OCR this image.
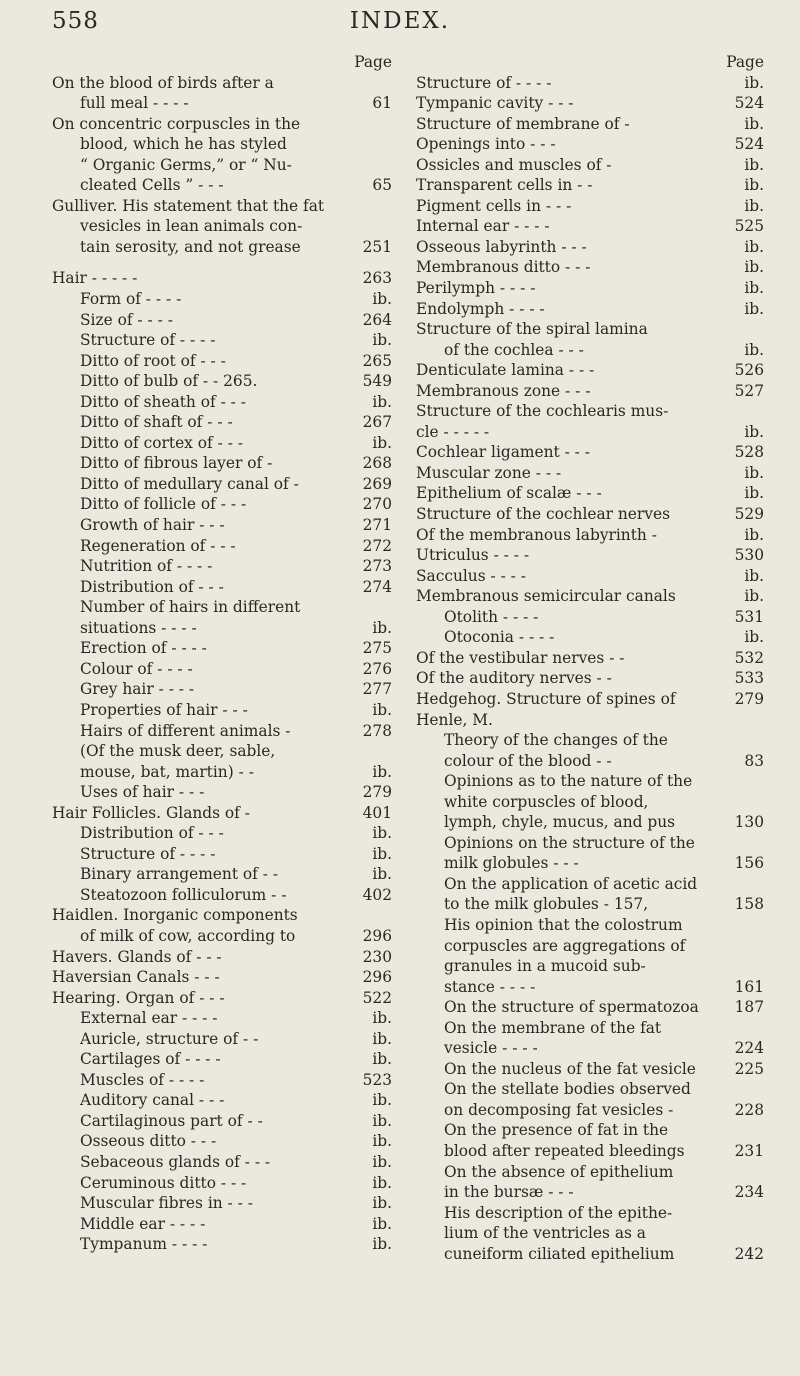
558	INDEX.
Page
On the blood of birds after a
full meal - - - -	61
On concentric corpuscles in the
blood, which he has styled
“ Organic Germs,” or “ Nu-
cleated Cells ” - - -	65
Gulliver. His statement that the fat
vesicles in lean animals con-
tain serosity, and not grease	251
Hair - - - - -	263
Form of - - - -	ib.
Size of - - - -	264
Structure of - - - -	ib.
Ditto of root of - - -	265
Ditto of bulb of - - 265.	549
Ditto of sheath of - - -	ib.
Ditto of shaft of - - -	267
Ditto of cortex of - - -	ib.
Ditto of fibrous layer of -	268
Ditto of medullary canal of -	269
Ditto of follicle of - - -	270
Growth of hair - - -	271
Regeneration of - - -	272
Nutrition of - - - -	273
Distribution of - - -	274
Number of hairs in different
situations - - - -	ib.
Erection of - - - -	275
Colour of - - - -	276
Grey hair - - - -	277
Properties of hair - - -	ib.
Hairs of different animals -	278
(Of the musk deer, sable,
mouse, bat, martin) - -	ib.
Uses of hair - - -	279
Hair Follicles. Glands of -	401
Distribution of - - -	ib.
Structure of - - - -	ib.
Binary arrangement of - -	ib.
Steatozoon folliculorum - -	402
Haidlen. Inorganic components
of milk of cow, according to	296
Havers. Glands of - - -	230
Haversian Canals - - -	296
Hearing. Organ of - - -	522
External ear - - - -	ib.
Auricle, structure of - -	ib.
Cartilages of - - - -	ib.
Muscles of - - - -	523
Auditory canal - - -	ib.
Cartilaginous part of - -	ib.
Osseous ditto - - -	ib.
Sebaceous glands of - - -	ib.
Ceruminous ditto - - -	ib.
Muscular fibres in - - -	ib.
Middle ear - - - -	ib.
Tympanum - - - -	ib.
Page
Structure of - - - -	ib.
Tympanic cavity - - -	524
Structure of membrane of -	ib.
Openings into - - -	524
Ossicles and muscles of -	ib.
Transparent cells in - -	ib.
Pigment cells in - - -	ib.
Internal ear - - - -	525
Osseous labyrinth - - -	ib.
Membranous ditto - - -	ib.
Perilymph - - - -	ib.
Endolymph - - - -	ib.
Structure of the spiral lamina
of the cochlea - - -	ib.
Denticulate lamina - - -	526
Membranous zone - - -	527
Structure of the cochlearis mus-
cle - - - - -	ib.
Cochlear ligament - - -	528
Muscular zone - - -	ib.
Epithelium of scalæ - - -	ib.
Structure of the cochlear nerves	529
Of the membranous labyrinth -	ib.
Utriculus - - - -	530
Sacculus - - - -	ib.
Membranous semicircular canals	ib.
Otolith - - - -	531
Otoconia - - - -	ib.
Of the vestibular nerves - -	532
Of the auditory nerves - -	533
Hedgehog. Structure of spines of	279
Henle, M.
Theory of the changes of the
colour of the blood - -	83
Opinions as to the nature of the
white corpuscles of blood,
lymph, chyle, mucus, and pus	130
Opinions on the structure of the
milk globules - - -	156
On the application of acetic acid
to the milk globules - 157,	158
His opinion that the colostrum
corpuscles are aggregations of
granules in a mucoid sub-
stance - - - -	161
On the structure of spermatozoa 187
On the membrane of the fat
vesicle - - - -	224
On the nucleus of the fat vesicle	225
On the stellate bodies observed
on decomposing fat vesicles -	228
On the presence of fat in the
blood after repeated bleedings	231
On the absence of epithelium
in the bursæ - - -	234
His description of the epithe-
lium of the ventricles as a
cuneiform ciliated epithelium	242
